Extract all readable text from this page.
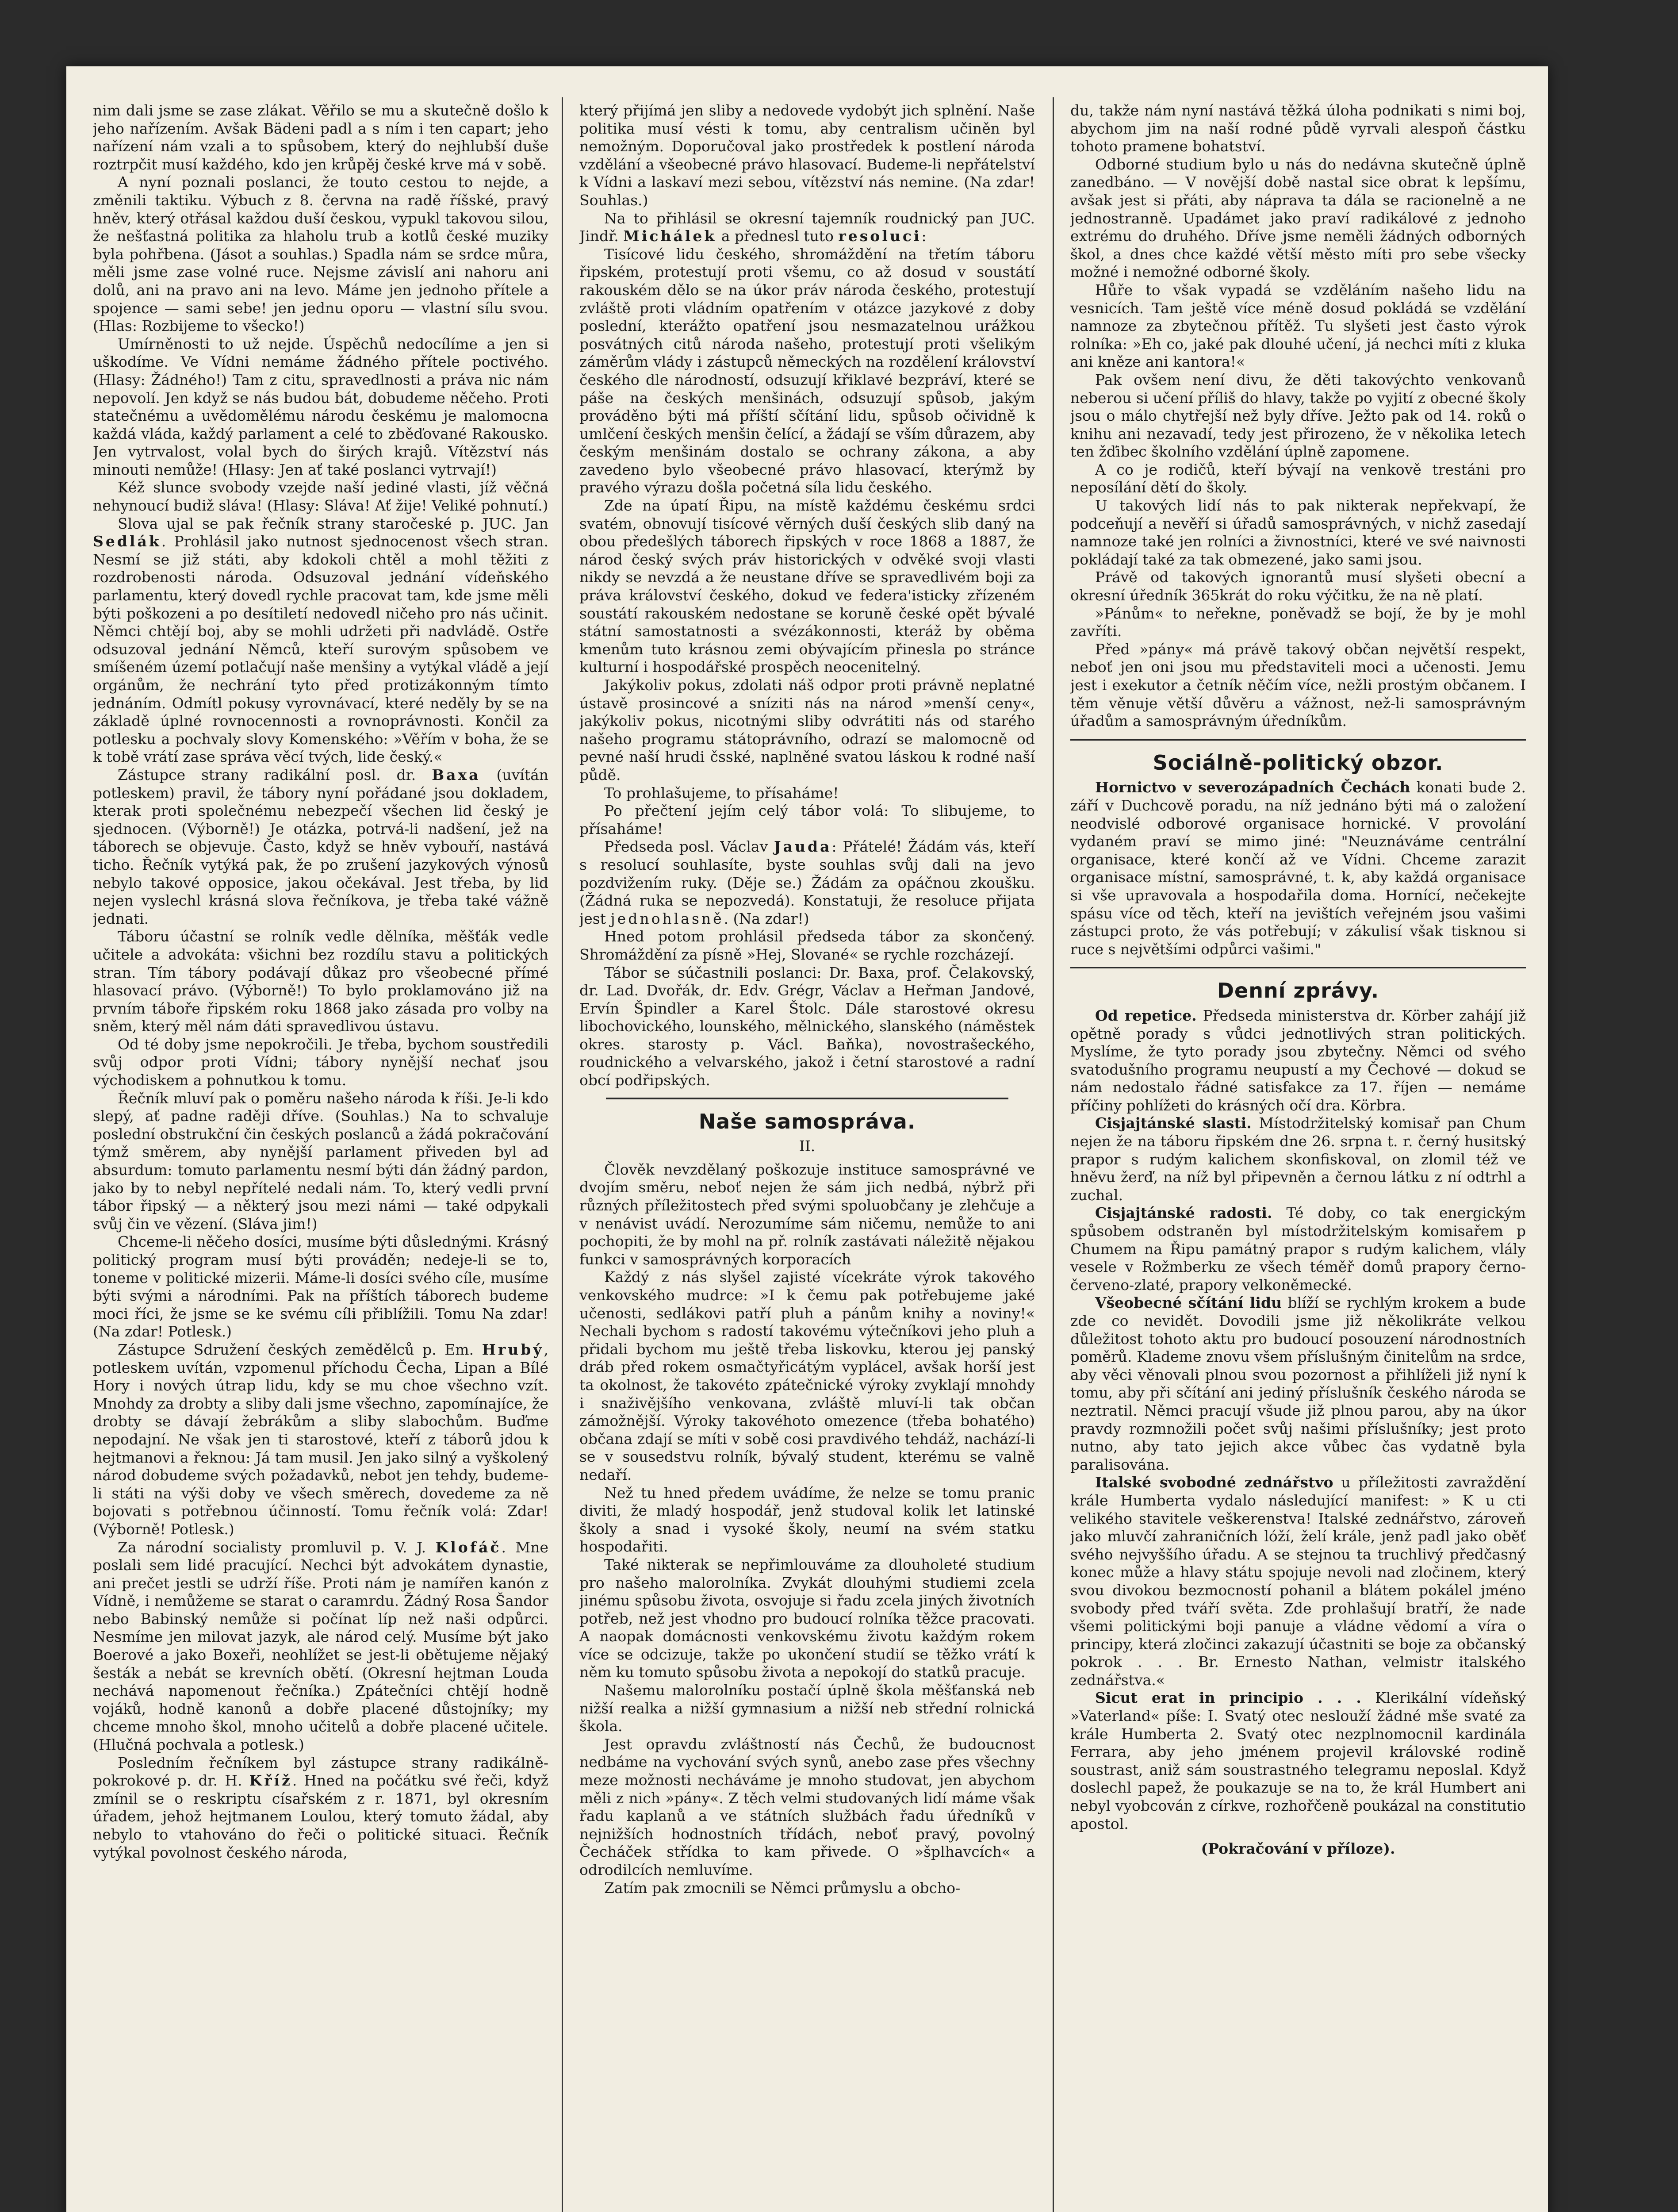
nim dali jsme se zase zlákat. Věřilo se mu a skutečně došlo k jeho nařízením. Avšak Bädeni padl a s ním i ten capart; jeho nařízení nám vzali a to spůsobem, který do nejhlubší duše roztrpčit musí každého, kdo jen krůpěj české krve má v sobě.

A nyní poznali poslanci, že touto cestou to nejde, a změnili taktiku. Výbuch z 8. června na radě říšské, pravý hněv, který otřásal každou duší českou, vypukl takovou silou, že nešťastná politika za hlaholu trub a kotlů české muziky byla pohřbena. (Jásot a souhlas.) Spadla nám se srdce můra, měli jsme zase volné ruce. Nejsme závislí ani nahoru ani dolů, ani na pravo ani na levo. Máme jen jednoho přítele a spojence — sami sebe! jen jednu oporu — vlastní sílu svou. (Hlas: Rozbijeme to všecko!)

Umírněnosti to už nejde. Úspěchů nedocílíme a jen si uškodíme. Ve Vídni nemáme žádného přítele poctivého. (Hlasy: Žádného!) Tam z citu, spravedlnosti a práva nic nám nepovolí. Jen když se nás budou bát, dobudeme něčeho. Proti statečnému a uvědomělému národu českému je malomocna každá vláda, každý parlament a celé to zběďované Rakousko. Jen vytrvalost, volal bych do širých krajů. Vítězství nás minouti nemůže! (Hlasy: Jen ať také poslanci vytrvají!)

Kéž slunce svobody vzejde naší jediné vlasti, jíž věčná nehynoucí budiž sláva! (Hlasy: Sláva! Ať žije! Veliké pohnutí.)

Slova ujal se pak řečník strany staročeské p. JUC. Jan Sedlák. Prohlásil jako nutnost sjednocenost všech stran. Nesmí se již státi, aby kdokoli chtěl a mohl těžiti z rozdrobenosti národa. Odsuzoval jednání vídeňského parlamentu, který dovedl rychle pracovat tam, kde jsme měli býti poškozeni a po desítiletí nedovedl ničeho pro nás učinit. Němci chtějí boj, aby se mohli udržeti při nadvládě. Ostře odsuzoval jednání Němců, kteří surovým spůsobem ve smíšeném území potlačují naše menšiny a vytýkal vládě a její orgánům, že nechrání tyto před protizákonným tímto jednáním. Odmítl pokusy vyrovnávací, které neděly by se na základě úplné rovnocennosti a rovnoprávnosti. Končil za potlesku a pochvaly slovy Komenského: »Věřím v boha, že se k tobě vrátí zase správa věcí tvých, lide český.«

Zástupce strany radikální posl. dr. Baxa (uvítán potleskem) pravil, že tábory nyní pořádané jsou dokladem, kterak proti společnému nebezpečí všechen lid český je sjednocen. (Výborně!) Je otázka, potrvá-li nadšení, jež na táborech se objevuje. Často, když se hněv vybouří, nastává ticho. Řečník vytýká pak, že po zrušení jazykových výnosů nebylo takové opposice, jakou očekával. Jest třeba, by lid nejen vyslechl krásná slova řečníkova, je třeba také vážně jednati.

Táboru účastní se rolník vedle dělníka, měšťák vedle učitele a advokáta: všichni bez rozdílu stavu a politických stran. Tím tábory podávají důkaz pro všeobecné přímé hlasovací právo. (Výborně!) To bylo proklamováno již na prvním táboře řipském roku 1868 jako zásada pro volby na sněm, který měl nám dáti spravedlivou ústavu.

Od té doby jsme nepokročili. Je třeba, bychom soustředili svůj odpor proti Vídni; tábory nynější nechať jsou východiskem a pohnutkou k tomu.

Řečník mluví pak o poměru našeho národa k říši. Je-li kdo slepý, ať padne raději dříve. (Souhlas.) Na to schvaluje poslední obstrukční čin českých poslanců a žádá pokračování týmž směrem, aby nynější parlament přiveden byl ad absurdum: tomuto parlamentu nesmí býti dán žádný pardon, jako by to nebyl nepřítelé nedali nám. To, který vedli první tábor řipský — a některý jsou mezi námi — také odpykali svůj čin ve vězení. (Sláva jim!)

Chceme-li něčeho dosíci, musíme býti důslednými. Krásný politický program musí býti prováděn; nedeje-li se to, toneme v politické mizerii. Máme-li dosíci svého cíle, musíme býti svými a národními. Pak na příštích táborech budeme moci říci, že jsme se ke svému cíli přiblížili. Tomu Na zdar! (Na zdar! Potlesk.)

Zástupce Sdružení českých zemědělců p. Em. Hrubý, potleskem uvítán, vzpomenul příchodu Čecha, Lipan a Bílé Hory i nových útrap lidu, kdy se mu choe všechno vzít. Mnohdy za drobty a sliby dali jsme všechno, zapomínajíce, že drobty se dávají žebrákům a sliby slabochům. Buďme nepodajní. Ne však jen ti starostové, kteří z táborů jdou k hejtmanovi a řeknou: Já tam musil. Jen jako silný a vyškolený národ dobudeme svých požadavků, nebot jen tehdy, budeme-li státi na výši doby ve všech směrech, dovedeme za ně bojovati s potřebnou účinností. Tomu řečník volá: Zdar! (Výborně! Potlesk.)

Za národní socialisty promluvil p. V. J. Klofáč. Mne poslali sem lidé pracující. Nechci být advokátem dynastie, ani prečet jestli se udrží říše. Proti nám je namířen kanón z Vídně, i nemůžeme se starat o caramrdu. Žádný Rosa Šandor nebo Babinský nemůže si počínat líp než naši odpůrci. Nesmíme jen milovat jazyk, ale národ celý. Musíme být jako Boerové a jako Boxeři, neohlížet se jest-li obětujeme nějaký šesták a nebát se krevních obětí. (Okresní hejtman Louda nechává napomenout řečníka.) Zpátečníci chtějí hodně vojáků, hodně kanonů a dobře placené důstojníky; my chceme mnoho škol, mnoho učitelů a dobře placené učitele. (Hlučná pochvala a potlesk.)

Posledním řečníkem byl zástupce strany radikálně-pokrokové p. dr. H. Kříž. Hned na počátku své řeči, když zmínil se o reskriptu císařském z r. 1871, byl okresním úřadem, jehož hejtmanem Loulou, který tomuto žádal, aby nebylo to vtahováno do řeči o politické situaci. Řečník vytýkal povolnost českého národa,

který přijímá jen sliby a nedovede vydobýt jich splnění. Naše politika musí vésti k tomu, aby centralism učiněn byl nemožným. Doporučoval jako prostředek k postlení národa vzdělání a všeobecné právo hlasovací. Budeme-li nepřátelství k Vídni a laskaví mezi sebou, vítězství nás nemine. (Na zdar! Souhlas.)

Na to přihlásil se okresní tajemník roudnický pan JUC. Jindř. Michálek a přednesl tuto resoluci:

Tisícové lidu českého, shromáždění na třetím táboru řipském, protestují proti všemu, co až dosud v soustátí rakouském dělo se na úkor práv národa českého, protestují zvláště proti vládním opatřením v otázce jazykové z doby poslední, kterážto opatření jsou nesmazatelnou urážkou posvátných citů národa našeho, protestují proti všelikým záměrům vlády i zástupců německých na rozdělení království českého dle národností, odsuzují křiklavé bezpráví, které se páše na českých menšinách, odsuzují spůsob, jakým prováděno býti má příští sčítání lidu, spůsob očividně k umlčení českých menšin čelící, a žádají se vším důrazem, aby českým menšinám dostalo se ochrany zákona, a aby zavedeno bylo všeobecné právo hlasovací, kterýmž by pravého výrazu došla početná síla lidu českého.

Zde na úpatí Řipu, na místě každému českému srdci svatém, obnovují tisícové věrných duší českých slib daný na obou předešlých táborech řipských v roce 1868 a 1887, že národ český svých práv historických v odvěké svoji vlasti nikdy se nevzdá a že neustane dříve se spravedlivém boji za práva království českého, dokud ve federa'isticky zřízeném soustátí rakouském nedostane se koruně české opět bývalé státní samostatnosti a svézákonnosti, kteráž by oběma kmenům tuto krásnou zemi obývajícím přinesla po stránce kulturní i hospodářské prospěch neocenitelný.

Jakýkoliv pokus, zdolati náš odpor proti právně neplatné ústavě prosincové a sníziti nás na národ »menší ceny«, jakýkoliv pokus, nicotnými sliby odvrátiti nás od starého našeho programu státoprávního, odrazí se malomocně od pevné naší hrudi čsské, naplněné svatou láskou k rodné naší půdě.

To prohlašujeme, to přísaháme!

Po přečtení jejím celý tábor volá: To slibujeme, to přísaháme!

Předseda posl. Václav Jauda: Přátelé! Žádám vás, kteří s resolucí souhlasíte, byste souhlas svůj dali na jevo pozdvižením ruky. (Děje se.) Žádám za opáčnou zkoušku. (Žádná ruka se nepozvedá). Konstatuji, že resoluce přijata jest jednohlasně. (Na zdar!)

Hned potom prohlásil předseda tábor za skončený. Shromáždění za písně »Hej, Slované« se rychle rozcházejí.

Tábor se súčastnili poslanci: Dr. Baxa, prof. Čelakovský, dr. Lad. Dvořák, dr. Edv. Grégr, Václav a Heřman Jandové, Ervín Špindler a Karel Štolc. Dále starostové okresu libochovického, lounského, mělnického, slanského (náměstek okres. starosty p. Václ. Baňka), novostrašeckého, roudnického a velvarského, jakož i četní starostové a radní obcí podřipských.

Naše samospráva.
II.

Člověk nevzdělaný poškozuje instituce samosprávné ve dvojím směru, neboť nejen že sám jich nedbá, nýbrž při různých příležitostech před svými spoluobčany je zlehčuje a v nenávist uvádí. Nerozumíme sám ničemu, nemůže to ani pochopiti, že by mohl na př. rolník zastávati náležitě nějakou funkci v samosprávných korporacích

Každý z nás slyšel zajisté vícekráte výrok takového venkovského mudrce: »I k čemu pak potřebujeme jaké učenosti, sedlákovi patří pluh a pánům knihy a noviny!« Nechali bychom s radostí takovému výtečníkovi jeho pluh a přidali bychom mu ještě třeba liskovku, kterou jej panský dráb před rokem osmačtyřicátým vyplácel, avšak horší jest ta okolnost, že takovéto zpátečnické výroky zvyklají mnohdy i snaživějšího venkovana, zvláště mluví-li tak občan zámožnější. Výroky takovéhoto omezence (třeba bohatého) občana zdají se míti v sobě cosi pravdivého tehdáž, nachází-li se v sousedstvu rolník, bývalý student, kterému se valně nedaří.

Než tu hned předem uvádíme, že nelze se tomu pranic diviti, že mladý hospodář, jenž studoval kolik let latinské školy a snad i vysoké školy, neumí na svém statku hospodařiti.

Také nikterak se nepřimlouváme za dlouholeté studium pro našeho malorolníka. Zvykát dlouhými studiemi zcela jinému spůsobu života, osvojuje si řadu zcela jiných životních potřeb, než jest vhodno pro budoucí rolníka těžce pracovati. A naopak domácnosti venkovskému životu každým rokem více se odcizuje, takže po ukončení studií se těžko vrátí k něm ku tomuto spůsobu života a nepokojí do statků pracuje.

Našemu malorolníku postačí úplně škola měšťanská neb nižší realka a nižší gymnasium a nižší neb střední rolnická škola.

Jest opravdu zvláštností nás Čechů, že budoucnost nedbáme na vychování svých synů, anebo zase přes všechny meze možnosti necháváme je mnoho studovat, jen abychom měli z nich »pány«. Z těch velmi studovaných lidí máme však řadu kaplanů a ve státních službách řadu úředníků v nejnižších hodnostních třídách, neboť pravý, povolný Čecháček střídka to kam přivede. O »šplhavcích« a odrodilcích nemluvíme.

Zatím pak zmocnili se Němci průmyslu a obcho-

du, takže nám nyní nastává těžká úloha podnikati s nimi boj, abychom jim na naší rodné půdě vyrvali alespoň částku tohoto pramene bohatství.

Odborné studium bylo u nás do nedávna skutečně úplně zanedbáno. — V novější době nastal sice obrat k lepšímu, avšak jest si přáti, aby náprava ta dála se racionelně a ne jednostranně. Upadámet jako praví radikálové z jednoho extrému do druhého. Dříve jsme neměli žádných odborných škol, a dnes chce každé větší město míti pro sebe všecky možné i nemožné odborné školy.

Hůře to však vypadá se vzděláním našeho lidu na vesnicích. Tam ještě více méně dosud pokládá se vzdělání namnoze za zbytečnou přítěž. Tu slyšeti jest často výrok rolníka: »Eh co, jaké pak dlouhé učení, já nechci míti z kluka ani kněze ani kantora!«

Pak ovšem není divu, že děti takovýchto venkovanů neberou si učení příliš do hlavy, takže po vyjití z obecné školy jsou o málo chytřejší než byly dříve. Ježto pak od 14. roků o knihu ani nezavadí, tedy jest přirozeno, že v několika letech ten žďibec školního vzdělání úplně zapomene.

A co je rodičů, kteří bývají na venkově trestáni pro neposílání dětí do školy.

U takových lidí nás to pak nikterak nepřekvapí, že podceňují a nevěří si úřadů samosprávných, v nichž zasedají namnoze také jen rolníci a živnostníci, které ve své naivnosti pokládají také za tak obmezené, jako sami jsou.

Právě od takových ignorantů musí slyšeti obecní a okresní úředník 365krát do roku výčitku, že na ně platí.

»Pánům« to neřekne, poněvadž se bojí, že by je mohl zavříti.

Před »pány« má právě takový občan největší respekt, neboť jen oni jsou mu představiteli moci a učenosti. Jemu jest i exekutor a četník něčím více, nežli prostým občanem. I těm věnuje větší důvěru a vážnost, než-li samosprávným úřadům a samosprávným úředníkům.

Sociálně-politický obzor.

Hornictvo v severozápadních Čechách konati bude 2. září v Duchcově poradu, na níž jednáno býti má o založení neodvislé odborové organisace hornické. V provolání vydaném praví se mimo jiné: "Neuznáváme centrální organisace, které končí až ve Vídni. Chceme zarazit organisace místní, samosprávné, t. k, aby každá organisace si vše upravovala a hospodařila doma. Hornící, nečekejte spásu více od těch, kteří na jevištích veřejném jsou vašimi zástupci proto, že vás potřebují; v zákulisí však tisknou si ruce s největšími odpůrci vašimi."

Denní zprávy.

Od repetice. Předseda ministerstva dr. Körber zahájí již opětně porady s vůdci jednotlivých stran politických. Myslíme, že tyto porady jsou zbytečny. Němci od svého svatodušního programu neupustí a my Čechové — dokud se nám nedostalo řádné satisfakce za 17. říjen — nemáme příčiny pohlížeti do krásných očí dra. Körbra.

Cisjajtánské slasti. Místodržitelský komisař pan Chum nejen že na táboru řipském dne 26. srpna t. r. černý husitský prapor s rudým kalichem skonfiskoval, on zlomil též ve hněvu žerď, na níž byl připevněn a černou látku z ní odtrhl a zuchal.

Cisjajtánské radosti. Té doby, co tak energickým spůsobem odstraněn byl místodržitelským komisařem p Chumem na Řipu památný prapor s rudým kalichem, vlály vesele v Rožmberku ze všech téměř domů prapory černo-červeno-zlaté, prapory velkoněmecké.

Všeobecné sčítání lidu blíží se rychlým krokem a bude zde co nevidět. Dovodili jsme již několikráte velkou důležitost tohoto aktu pro budoucí posouzení národnostních poměrů. Klademe znovu všem příslušným činitelům na srdce, aby věci věnovali plnou svou pozornost a přihlíželi již nyní k tomu, aby při sčítání ani jediný příslušník českého národa se neztratil. Němci pracují všude již plnou parou, aby na úkor pravdy rozmnožili počet svůj našimi příslušníky; jest proto nutno, aby tato jejich akce vůbec čas vydatně byla paralisována.

Italské svobodné zednářstvo u příležitosti zavraždění krále Humberta vydalo následující manifest: » K u cti velikého stavitele veškerenstva! Italské zednářstvo, zároveň jako mluvčí zahraničních lóží, želí krále, jenž padl jako oběť svého nejvyššího úřadu. A se stejnou ta truchlivý předčasný konec může a hlavy státu spojuje nevoli nad zločinem, který svou divokou bezmocností pohanil a blátem pokálel jméno svobody před tváří světa. Zde prohlašují bratří, že nade všemi politickými boji panuje a vládne vědomí a víra o principy, která zločinci zakazují účastniti se boje za občanský pokrok . . . Br. Ernesto Nathan, velmistr italského zednářstva.«

Sicut erat in principio . . . Klerikální vídeňský »Vaterland« píše: I. Svatý otec neslouží žádné mše svaté za krále Humberta 2. Svatý otec nezplnomocnil kardinála Ferrara, aby jeho jménem projevil královské rodině soustrast, aniž sám soustrastného telegramu neposlal. Když doslechl papež, že poukazuje se na to, že král Humbert ani nebyl vyobcován z církve, rozhořčeně poukázal na constitutio apostol.

(Pokračování v příloze).
